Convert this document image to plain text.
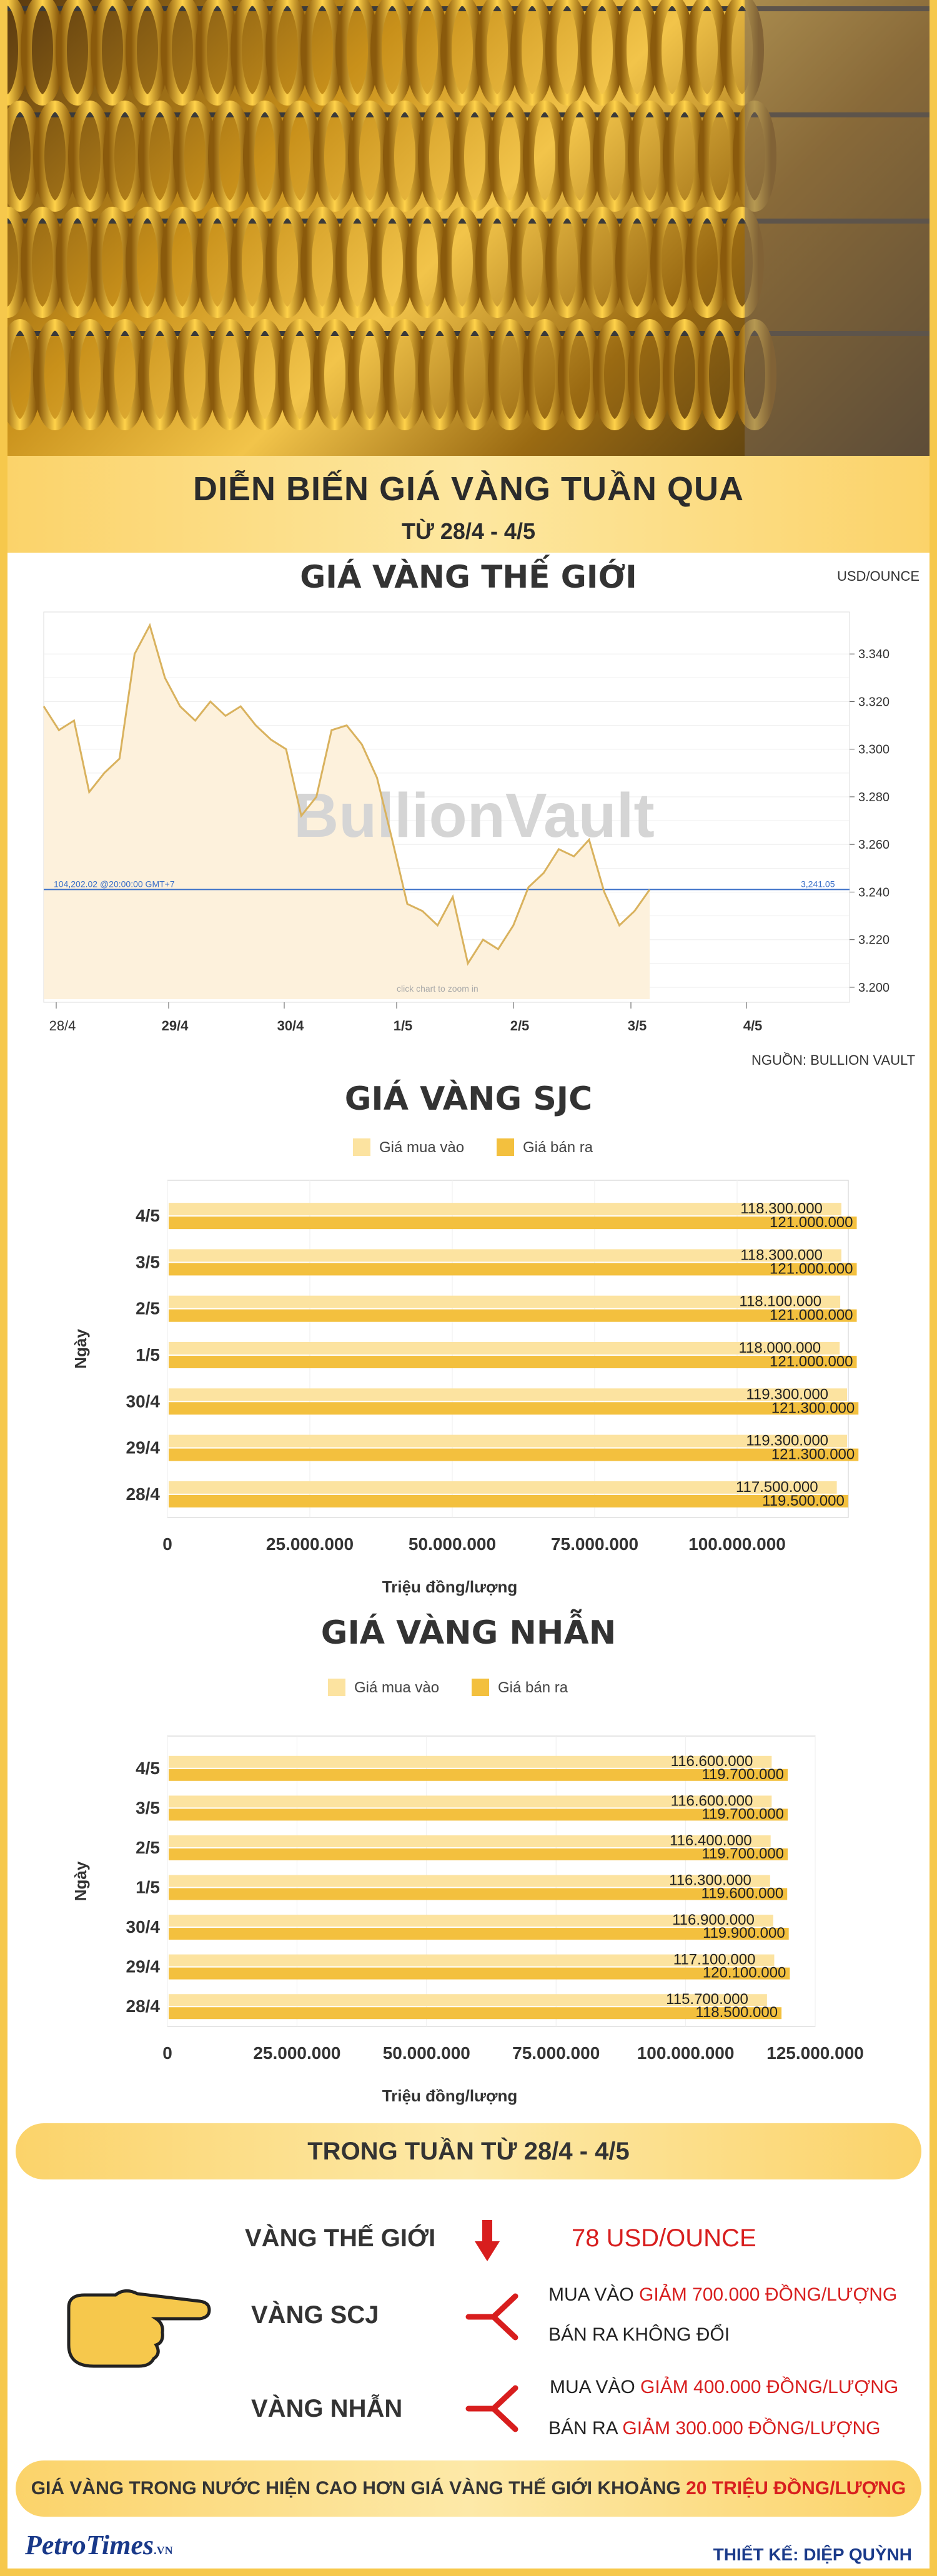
DIỄN BIẾN GIÁ VÀNG TUẦN QUA
TỪ 28/4 - 4/5
GIÁ VÀNG THẾ GIỚI	USD/OUNCE
BullionVault
104,202.02 @20:00:00 GMT+7	3,241.05
click chart to zoom in
3.340
3.320
3.300
3.280
3.260
3.240
3.220
3.200
28/4	29/4	30/4	1/5	2/5	3/5	4/5
NGUỒN: BULLION VAULT
GIÁ VÀNG SJC
Giá mua vào	Giá bán ra
0	25.000.000	50.000.000	75.000.000	100.000.000
4/5	118.300.000
121.000.000
3/5	118.300.000
121.000.000
2/5	118.100.000
121.000.000
1/5	118.000.000
121.000.000
30/4	119.300.000
121.300.000
29/4	119.300.000
121.300.000
28/4	117.500.000
119.500.000
Ngày
Triệu đồng/lượng
GIÁ VÀNG NHẪN
Giá mua vào	Giá bán ra
0	25.000.000 50.000.000 75.000.000 100.000.000 125.000.000
4/5	116.600.000
119.700.000
3/5	116.600.000
119.700.000
2/5	116.400.000
119.700.000
1/5	116.300.000
119.600.000
30/4	116.900.000
119.900.000
29/4	117.100.000
120.100.000
28/4	115.700.000
118.500.000
Ngày
Triệu đồng/lượng
TRONG TUẦN TỪ 28/4 - 4/5
VÀNG THẾ GIỚI	78 USD/OUNCE
VÀNG SCJ
MUA VÀO GIẢM 700.000 ĐỒNG/LƯỢNG
BÁN RA KHÔNG ĐỔI
VÀNG NHẪN
MUA VÀO GIẢM 400.000 ĐỒNG/LƯỢNG
BÁN RA GIẢM 300.000 ĐỒNG/LƯỢNG
GIÁ VÀNG TRONG NƯỚC HIỆN CAO HƠN GIÁ VÀNG THẾ GIỚI KHOẢNG 20 TRIỆU ĐỒNG/LƯỢNG
PetroTimes.VN	THIẾT KẾ: DIỆP QUỲNH
